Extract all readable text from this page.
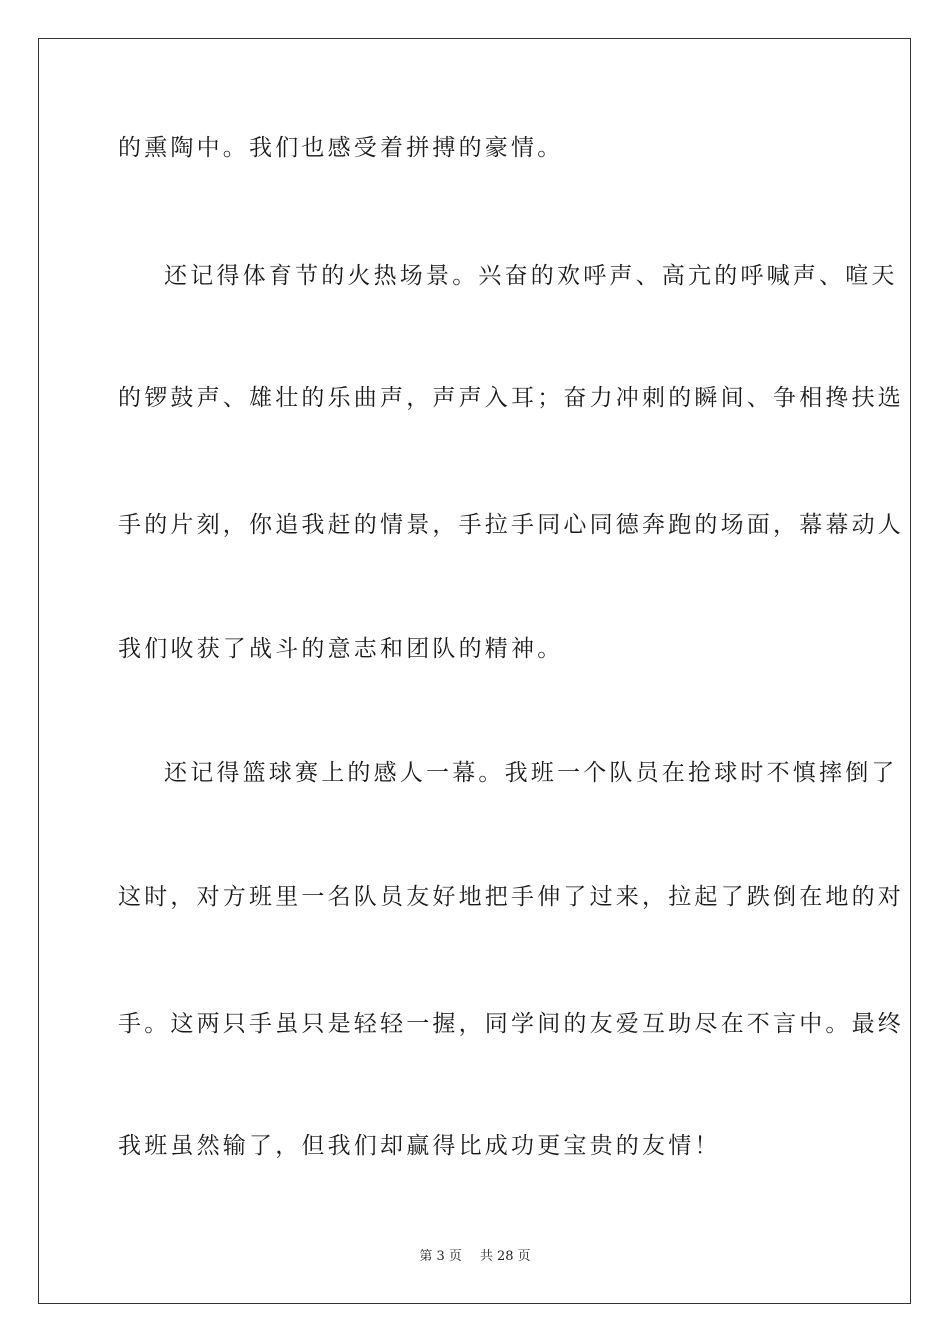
的熏陶中。我们也感受着拼搏的豪情。
还记得体育节的火热场景。兴奋的欢呼声、高亢的呼喊声、喧天
的锣鼓声、雄壮的乐曲声，声声入耳；奋力冲刺的瞬间、争相搀扶选
手的片刻，你追我赶的情景，手拉手同心同德奔跑的场面，幕幕动人
我们收获了战斗的意志和团队的精神。
还记得篮球赛上的感人一幕。我班一个队员在抢球时不慎摔倒了
这时，对方班里一名队员友好地把手伸了过来，拉起了跌倒在地的对
手。这两只手虽只是轻轻一握，同学间的友爱互助尽在不言中。最终
我班虽然输了，但我们却赢得比成功更宝贵的友情！
第 3 页 共 28 页
